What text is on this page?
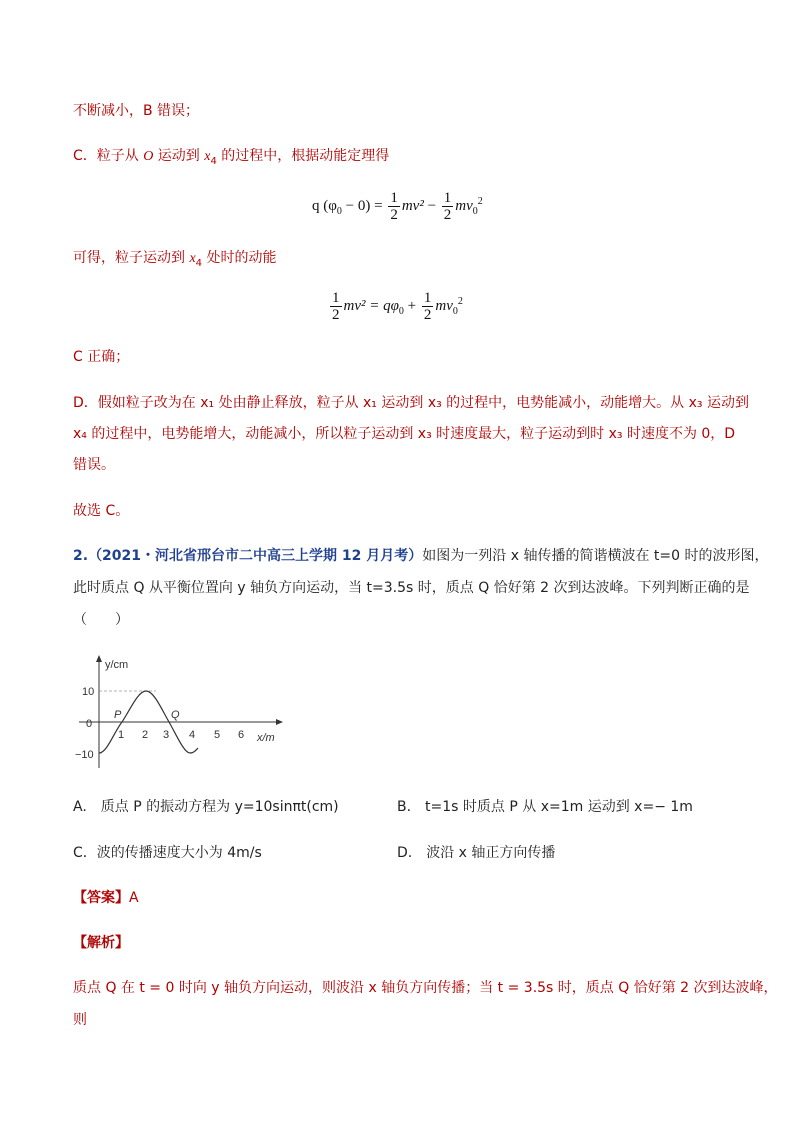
不断减小，B 错误；
C．粒子从 O 运动到 $x_4$ 的过程中，根据动能定理得
q $(\varphi_0 - 0) = \frac{1}{2} mv^2 - \frac{1}{2} mv_0^2$
可得，粒子运动到 $x_4$ 处时的动能
$\frac{1}{2} mv^2 = q\varphi_0 + \frac{1}{2} mv_0^2$
C 正确；
D．假如粒子改为在 x₁ 处由静止释放，粒子从 x₁ 运动到 x₃ 的过程中，电势能减小，动能增大。从 x₃ 运动到
x₄ 的过程中，电势能增大，动能减小，所以粒子运动到 x₃ 时速度最大，粒子运动到时 x₃ 时速度不为 0，D
错误。
故选 C。
2.（2021・河北省邢台市二中高三上学期 12 月月考）如图为一列沿 x 轴传播的简谐横波在 t=0 时的波形图，
此时质点 Q 从平衡位置向 y 轴负方向运动，当 t=3.5s 时，质点 Q 恰好第 2 次到达波峰。下列判断正确的是
（　　）
y/cm
x/m
10
0
−10
1 2 3 4 5 6
P	Q
A.　质点 P 的振动方程为 y=10sinπt(cm)	B.　t=1s 时质点 P 从 x=1m 运动到 x=− 1m
C．波的传播速度大小为 4m/s	D.　波沿 x 轴正方向传播
【答案】A
【解析】
质点 Q 在 t = 0 时向 y 轴负方向运动，则波沿 x 轴负方向传播；当 t = 3.5s 时，质点 Q 恰好第 2 次到达波峰，
则
